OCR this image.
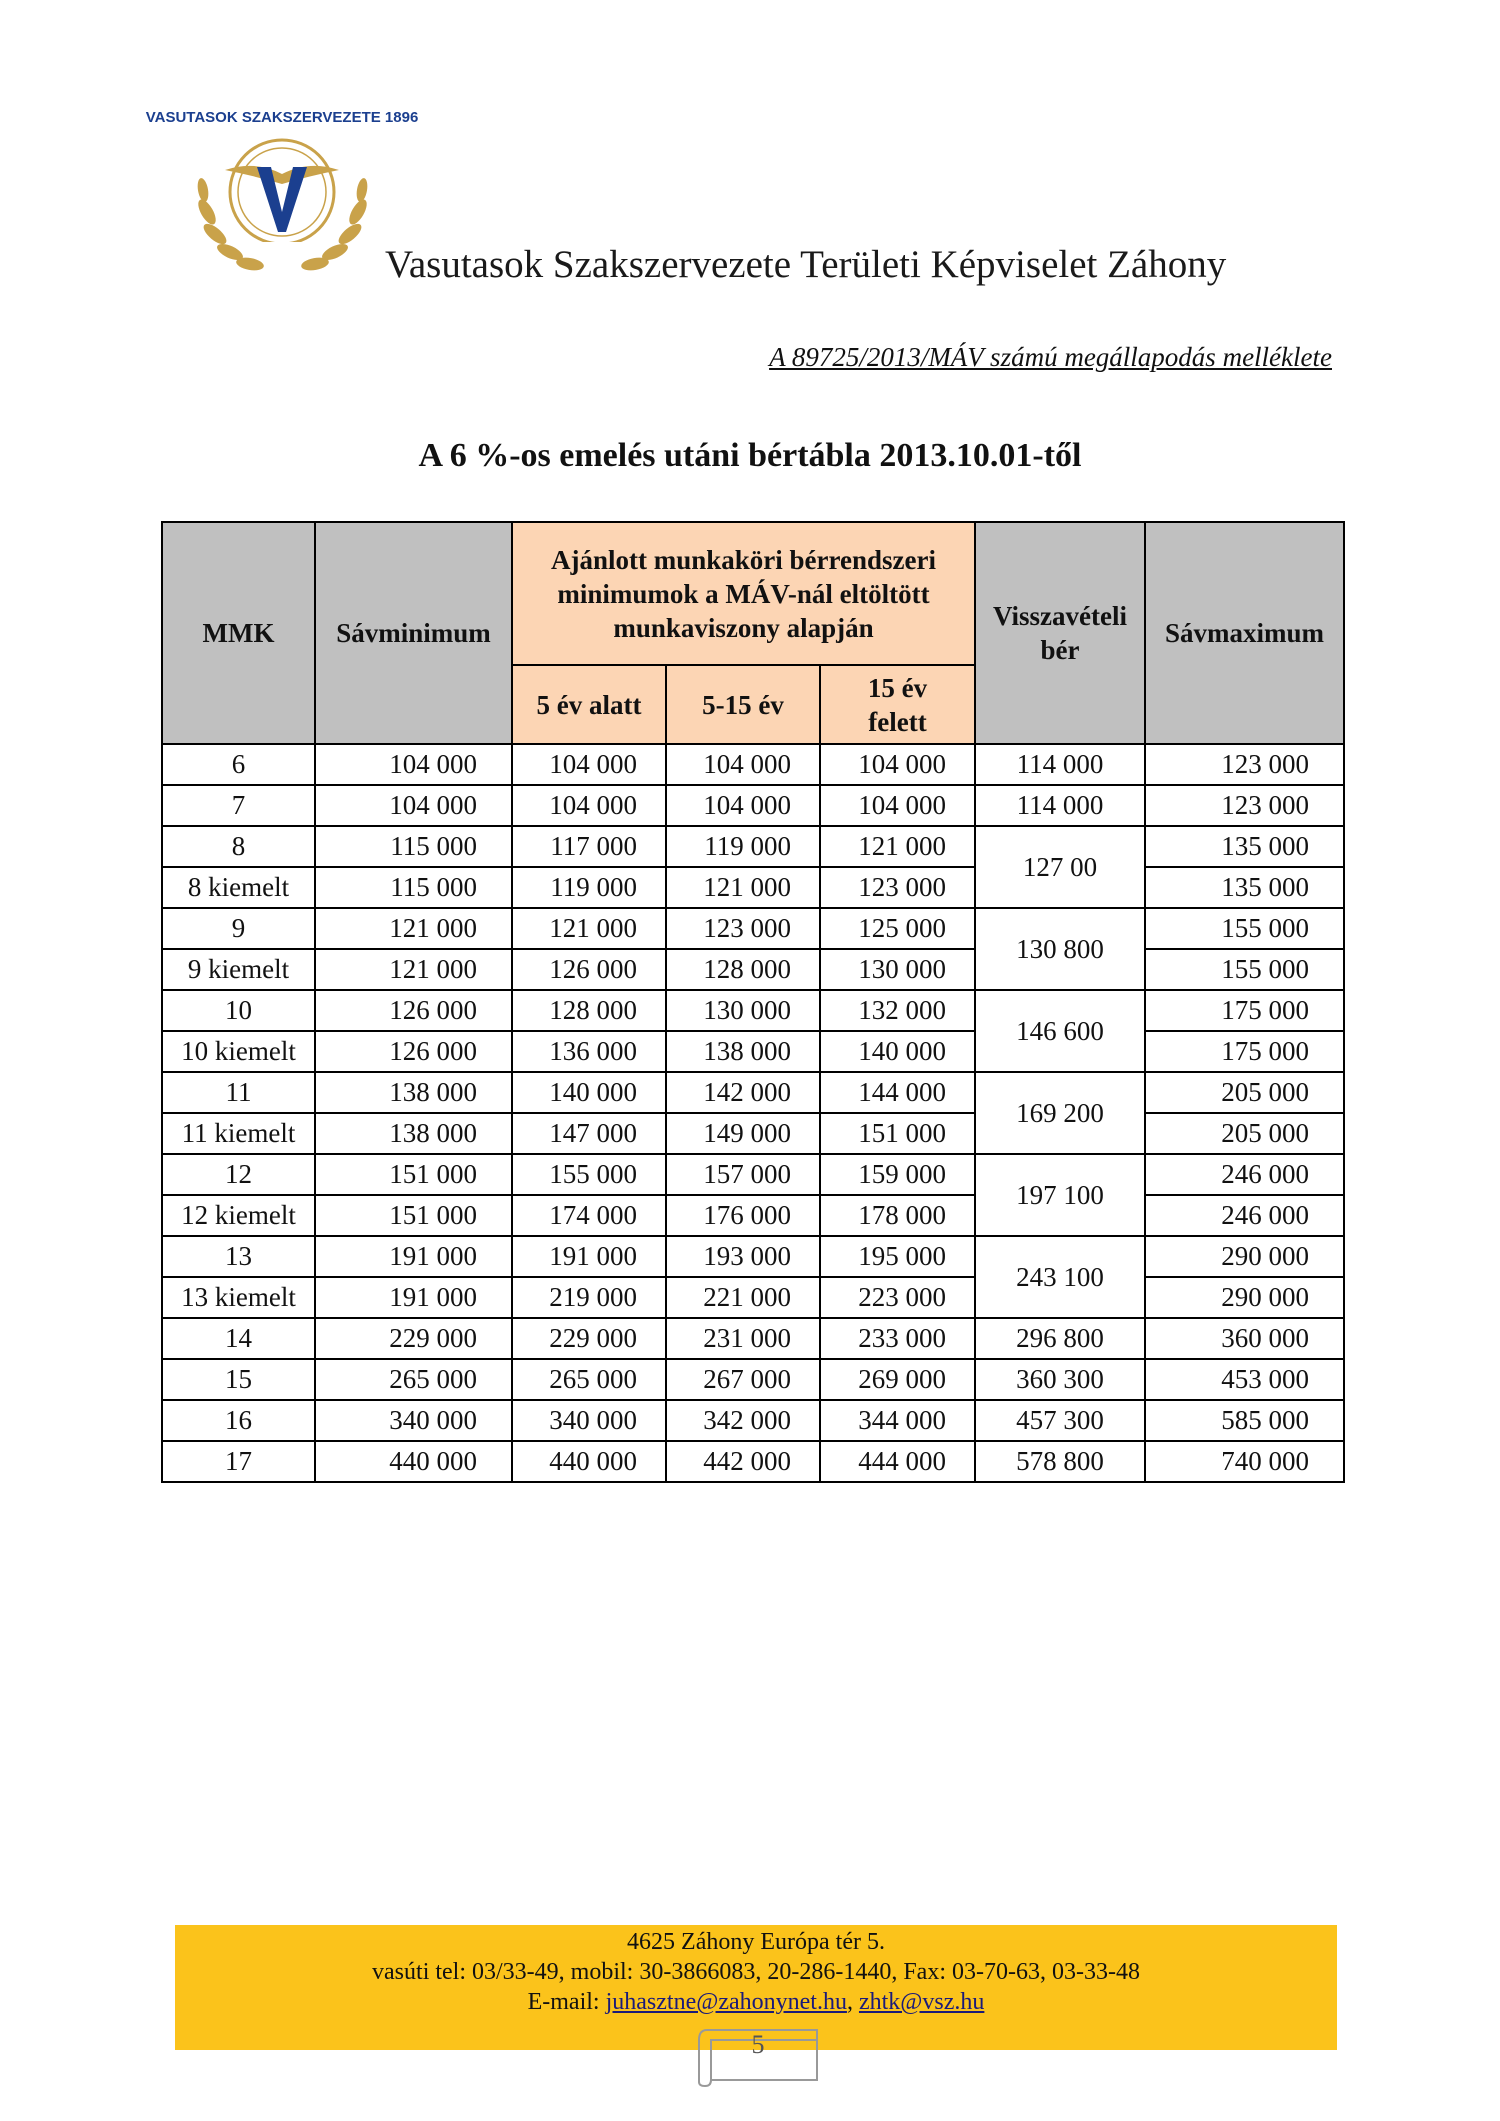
VASUTASOK SZAKSZERVEZETE 1896
Vasutasok Szakszervezete Területi Képviselet Záhony
A 89725/2013/MÁV számú megállapodás melléklete
A 6 %-os emelés utáni bértábla 2013.10.01-től
MMK	Sávminimum	Ajánlott munkaköri bérrendszeri minimumok a MÁV-nál eltöltött munkaviszony alapján			Visszavételi bér	Sávmaximum
		5 év alatt	5-15 év	15 év felett		
6	104 000	104 000	104 000	104 000	114 000	123 000
7	104 000	104 000	104 000	104 000	114 000	123 000
8	115 000	117 000	119 000	121 000	127 00	135 000
8 kiemelt	115 000	119 000	121 000	123 000		135 000
9	121 000	121 000	123 000	125 000	130 800	155 000
9 kiemelt	121 000	126 000	128 000	130 000		155 000
10	126 000	128 000	130 000	132 000	146 600	175 000
10 kiemelt	126 000	136 000	138 000	140 000		175 000
11	138 000	140 000	142 000	144 000	169 200	205 000
11 kiemelt	138 000	147 000	149 000	151 000		205 000
12	151 000	155 000	157 000	159 000	197 100	246 000
12 kiemelt	151 000	174 000	176 000	178 000		246 000
13	191 000	191 000	193 000	195 000	243 100	290 000
13 kiemelt	191 000	219 000	221 000	223 000		290 000
14	229 000	229 000	231 000	233 000	296 800	360 000
15	265 000	265 000	267 000	269 000	360 300	453 000
16	340 000	340 000	342 000	344 000	457 300	585 000
17	440 000	440 000	442 000	444 000	578 800	740 000
4625 Záhony Európa tér 5.
vasúti tel: 03/33-49, mobil: 30-3866083, 20-286-1440, Fax: 03-70-63, 03-33-48
E-mail: juhasztne@zahonynet.hu, zhtk@vsz.hu
5
